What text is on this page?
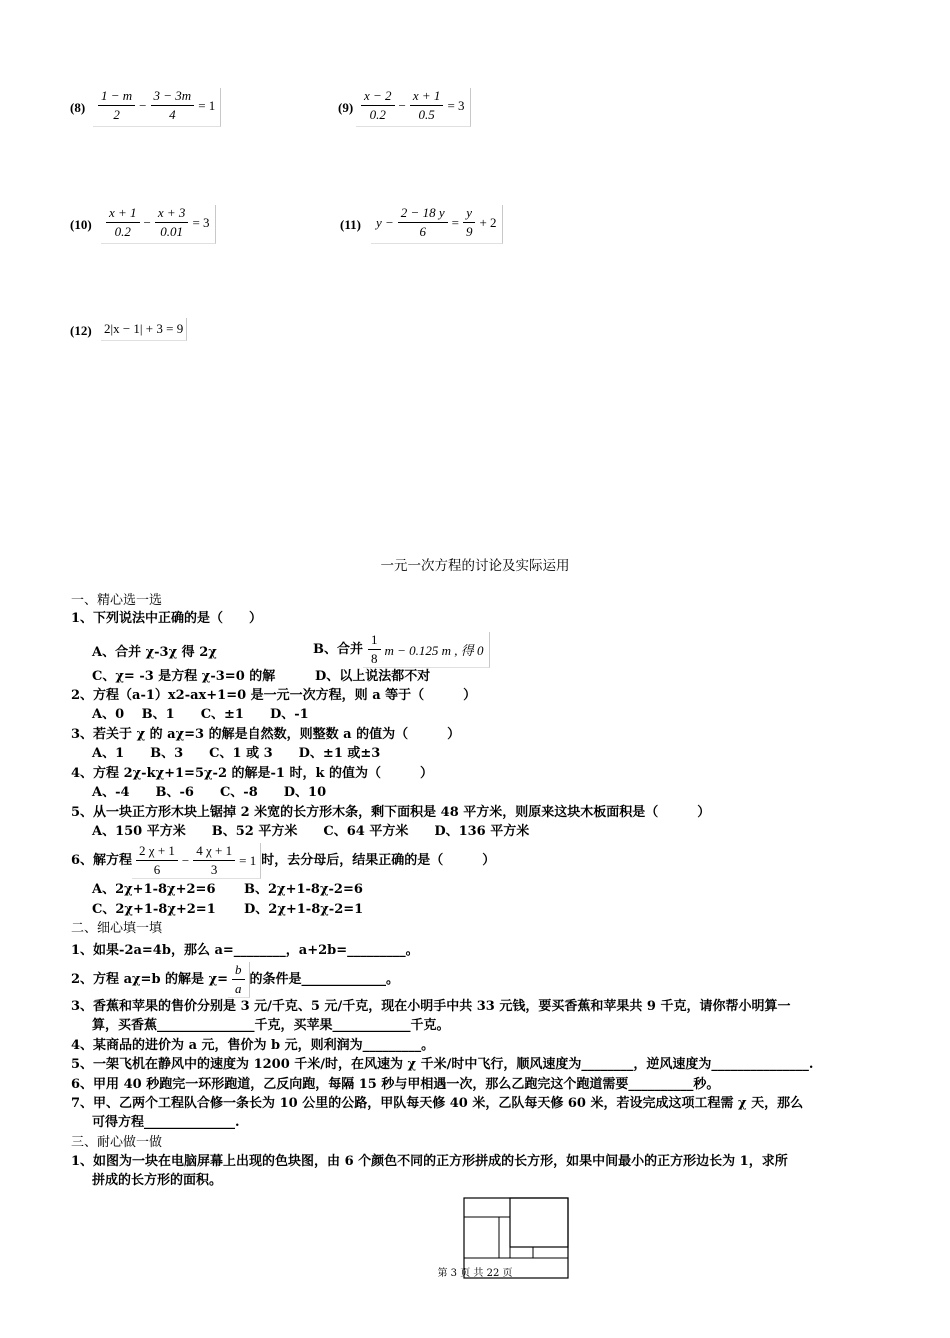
$(8) \frac{1 - m}{2} - \frac{3 - 3m}{4} = 1$	$(9) \frac{x - 2}{0.2} - \frac{x + 1}{0.5} = 3$
$(10) \frac{x + 1}{0.2} - \frac{x + 3}{0.01} = 3$	(11)	$y - \frac{2 - 18 y}{6} = \frac{y}{9} + 2$
(12) 2|x − 1| + 3 = 9
一元一次方程的讨论及实际运用
一、精心选一选
1、下列说法中正确的是（　　）
A、合并 χ-3χ 得 2χ	B、合并 $\frac{1}{8}$ m − 0.125 m , 得 0
C、χ= -3 是方程 χ-3=0 的解	D、以上说法都不对
2、方程（a-1）x2-ax+1=0 是一元一次方程，则 a 等于（　　　）
A、0　 B、1　　C、±1　　D、-1
3、若关于 χ 的 aχ=3 的解是自然数，则整数 a 的值为（　　　）
A、1　　B、3　　C、1 或 3　　D、±1 或±3
4、方程 2χ-kχ+1=5χ-2 的解是-1 时，k 的值为（　　　）
A、-4　　B、-6　　C、-8　　D、10
5、从一块正方形木块上锯掉 2 米宽的长方形木条，剩下面积是 48 平方米，则原来这块木板面积是（　　　）
A、150 平方米　　B、52 平方米　　C、64 平方米　　D、136 平方米
6、解方程 $\frac{2 \chi + 1}{6} - \frac{4 \chi + 1}{3} = 1$ 时，去分母后，结果正确的是（　　　）
A、2χ+1-8χ+2=6 B、2χ+1-8χ-2=6
C、2χ+1-8χ+2=1 D、2χ+1-8χ-2=1
二、细心填一填
1、如果-2a=4b，那么 a=________，a+2b=_________。
2、方程 aχ=b 的解是 $\chi= \frac{b}{a}$ 的条件是_____________。
3、香蕉和苹果的售价分别是 3 元/千克、5 元/千克，现在小明手中共 33 元钱，要买香蕉和苹果共 9 千克，请你帮小明算一
算，买香蕉_______________千克，买苹果____________千克。
4、某商品的进价为 a 元，售价为 b 元，则利润为_________。
5、一架飞机在静风中的速度为 1200 千米/时，在风速为 χ 千米/时中飞行，顺风速度为________，逆风速度为_______________.
6、甲用 40 秒跑完一环形跑道，乙反向跑，每隔 15 秒与甲相遇一次，那么乙跑完这个跑道需要__________秒。
7、甲、乙两个工程队合修一条长为 10 公里的公路，甲队每天修 40 米，乙队每天修 60 米，若设完成这项工程需 χ 天，那么
可得方程______________.
三、耐心做一做
1、如图为一块在电脑屏幕上出现的色块图，由 6 个颜色不同的正方形拼成的长方形，如果中间最小的正方形边长为 1，求所
拼成的长方形的面积。
第 3 页 共 22 页
